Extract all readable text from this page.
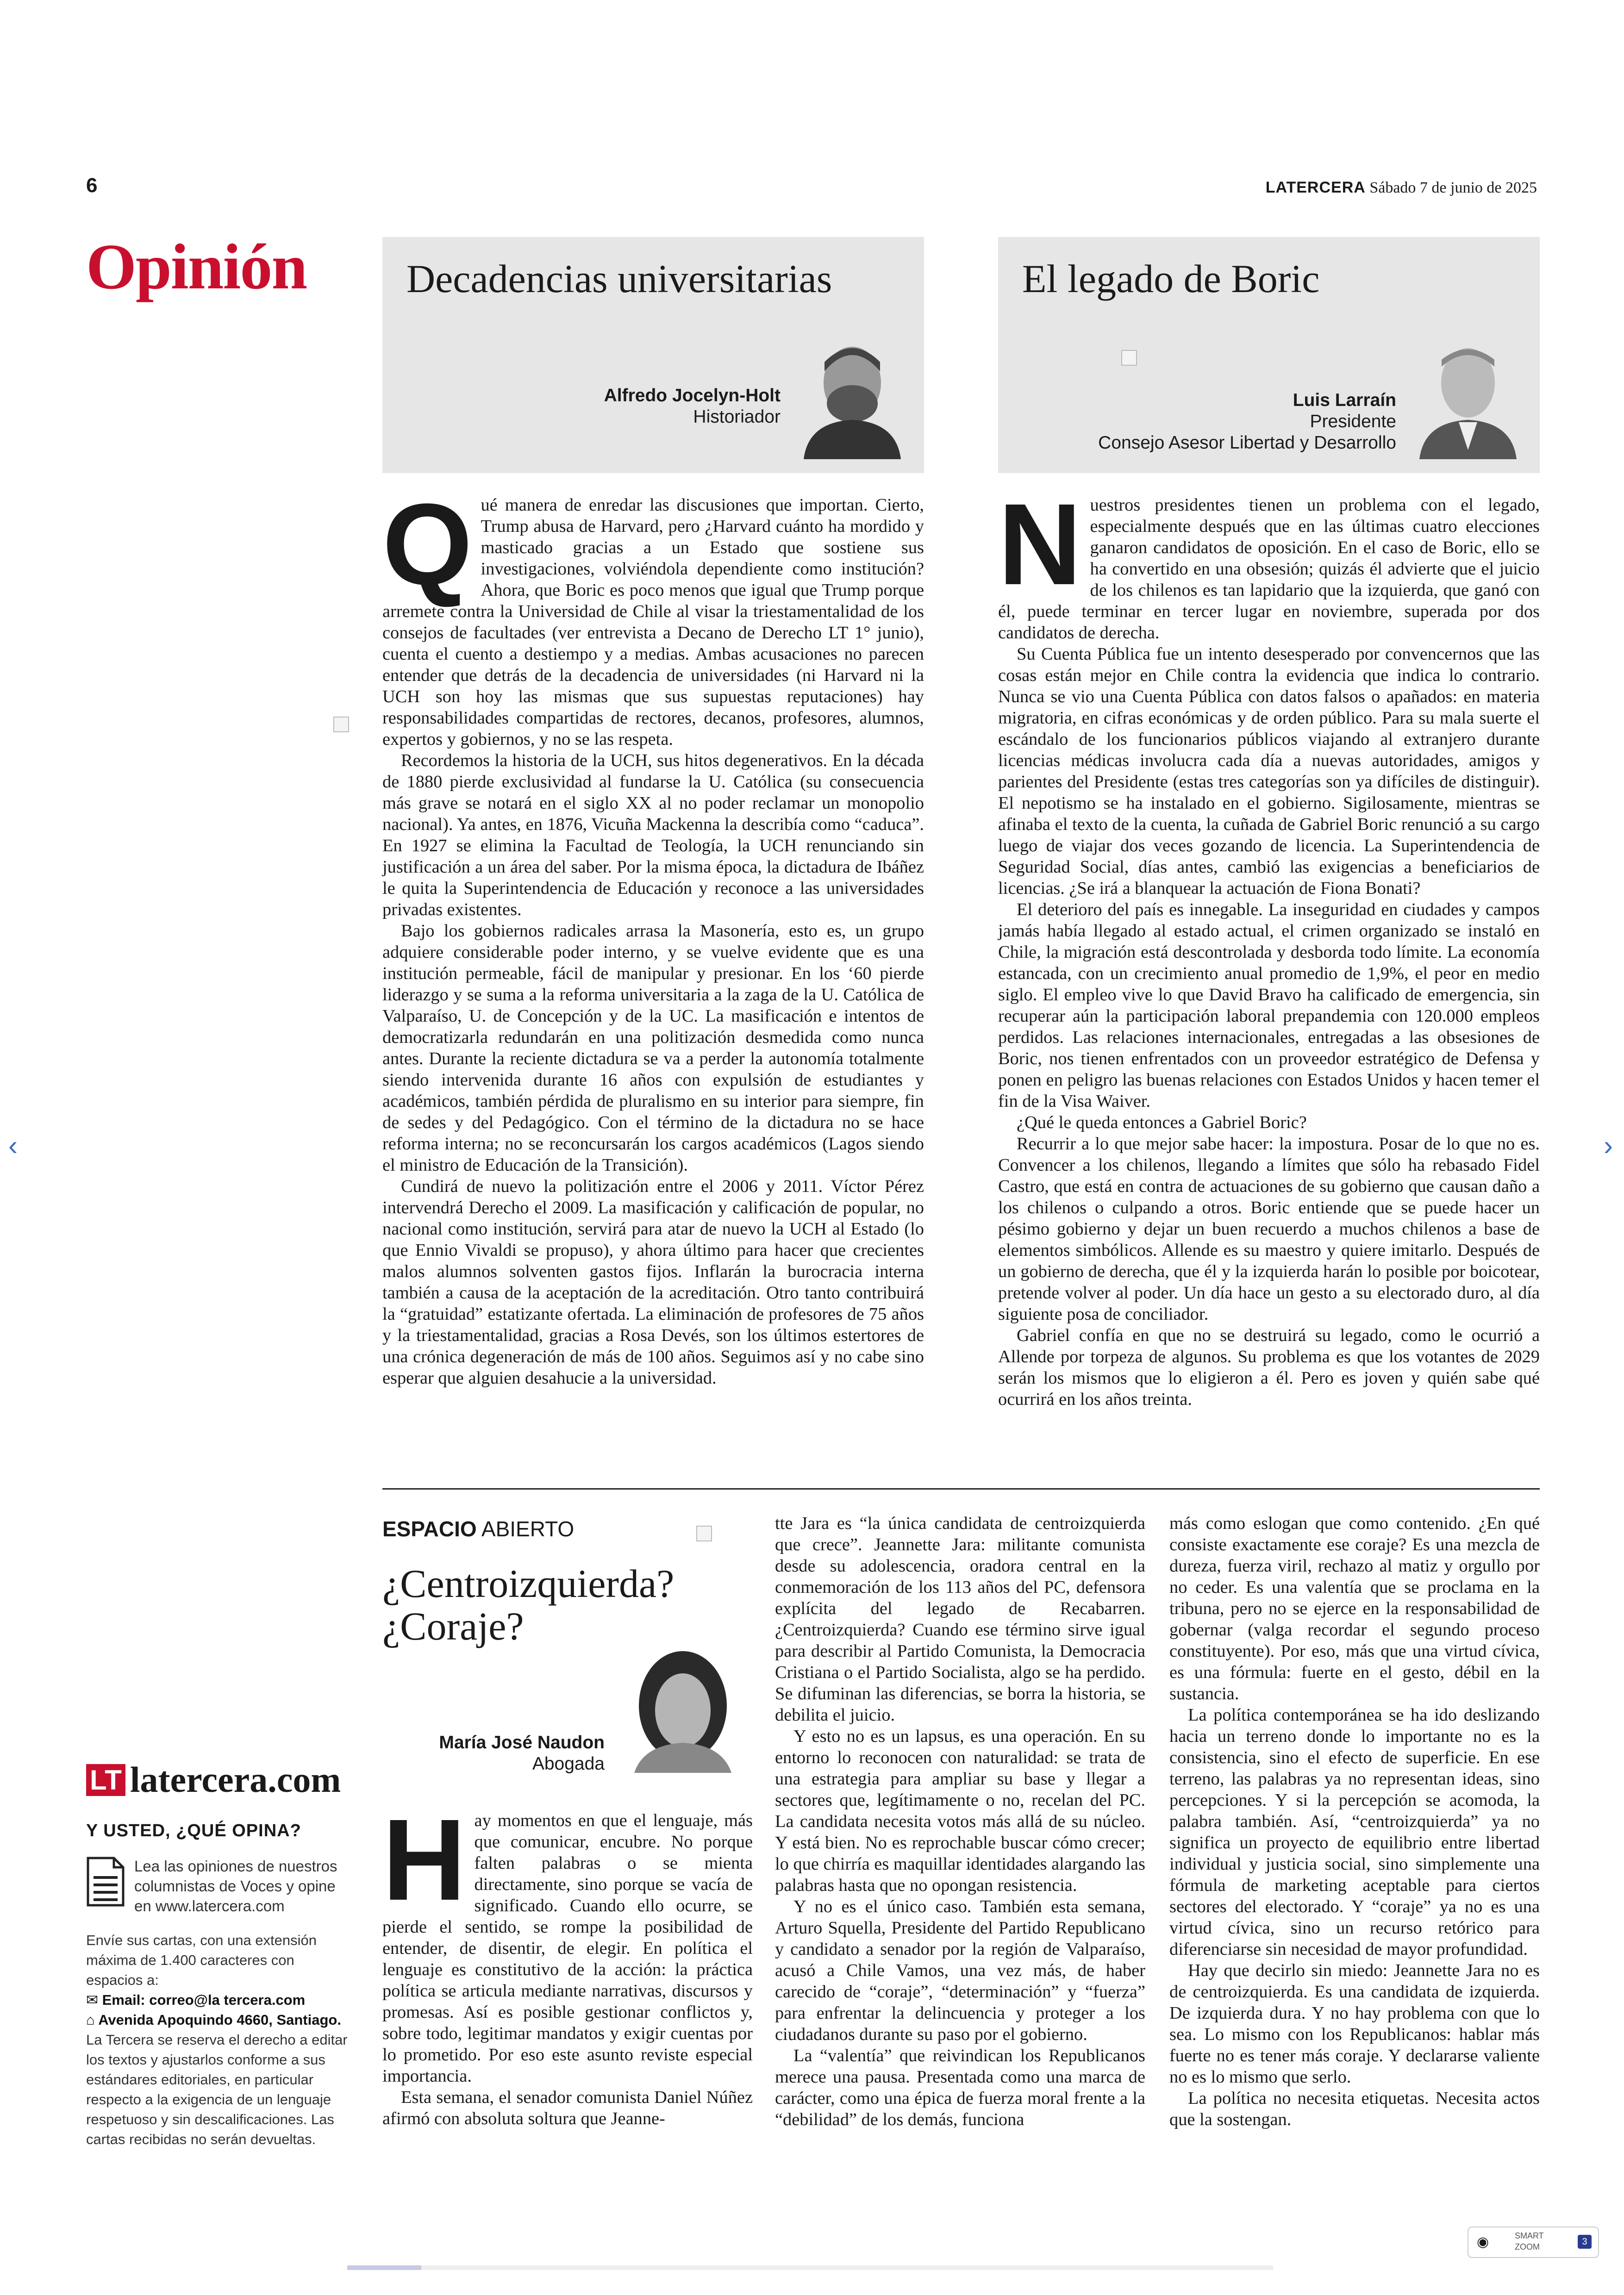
6	LATERCERA Sábado 7 de junio de 2025
Opinión	Decadencias universitarias
Alfredo Jocelyn-Holt
Historiador
El legado de Boric
Luis Larraín
Presidente
Consejo Asesor Libertad y Desarrollo
Q ué manera de enredar las discusiones que importan. Cierto, Trump abusa de Harvard, pero ¿Harvard cuánto ha mordido y masticado gracias a un Estado que sostiene sus investigaciones, volviéndola dependiente como institución? Ahora, que Boric es poco menos que igual que Trump porque arremete contra la Universidad de Chile al visar la triestamentalidad de los consejos de facultades (ver entrevista a Decano de Derecho LT 1° junio), cuenta el cuento a destiempo y a medias. Ambas acusaciones no parecen entender que detrás de la decadencia de universidades (ni Harvard ni la UCH son hoy las mismas que sus supuestas reputaciones) hay responsabilidades compartidas de rectores, decanos, profesores, alumnos, expertos y gobiernos, y no se las respeta.

Recordemos la historia de la UCH, sus hitos degenerativos. En la década de 1880 pierde exclusividad al fundarse la U. Católica (su consecuencia más grave se notará en el siglo XX al no poder reclamar un monopolio nacional). Ya antes, en 1876, Vicuña Mackenna la describía como “caduca”. En 1927 se elimina la Facultad de Teología, la UCH renunciando sin justificación a un área del saber. Por la misma época, la dictadura de Ibáñez le quita la Superintendencia de Educación y reconoce a las universidades privadas existentes.

Bajo los gobiernos radicales arrasa la Masonería, esto es, un grupo adquiere considerable poder interno, y se vuelve evidente que es una institución permeable, fácil de manipular y presionar. En los ‘60 pierde liderazgo y se suma a la reforma universitaria a la zaga de la U. Católica de Valparaíso, U. de Concepción y de la UC. La masificación e intentos de democratizarla redundarán en una politización desmedida como nunca antes. Durante la reciente dictadura se va a perder la autonomía totalmente siendo intervenida durante 16 años con expulsión de estudiantes y académicos, también pérdida de pluralismo en su interior para siempre, fin de sedes y del Pedagógico. Con el término de la dictadura no se hace reforma interna; no se reconcursarán los cargos académicos (Lagos siendo el ministro de Educación de la Transición).

Cundirá de nuevo la politización entre el 2006 y 2011. Víctor Pérez intervendrá Derecho el 2009. La masificación y calificación de popular, no nacional como institución, servirá para atar de nuevo la UCH al Estado (lo que Ennio Vivaldi se propuso), y ahora último para hacer que crecientes malos alumnos solventen gastos fijos. Inflarán la burocracia interna también a causa de la aceptación de la acreditación. Otro tanto contribuirá la “gratuidad” estatizante ofertada. La eliminación de profesores de 75 años y la triestamentalidad, gracias a Rosa Devés, son los últimos estertores de una crónica degeneración de más de 100 años. Seguimos así y no cabe sino esperar que alguien desahucie a la universidad.

N uestros presidentes tienen un problema con el legado, especialmente después que en las últimas cuatro elecciones ganaron candidatos de oposición. En el caso de Boric, ello se ha convertido en una obsesión; quizás él advierte que el juicio de los chilenos es tan lapidario que la izquierda, que ganó con él, puede terminar en tercer lugar en noviembre, superada por dos candidatos de derecha.

Su Cuenta Pública fue un intento desesperado por convencernos que las cosas están mejor en Chile contra la evidencia que indica lo contrario. Nunca se vio una Cuenta Pública con datos falsos o apañados: en materia migratoria, en cifras económicas y de orden público. Para su mala suerte el escándalo de los funcionarios públicos viajando al extranjero durante licencias médicas involucra cada día a nuevas autoridades, amigos y parientes del Presidente (estas tres categorías son ya difíciles de distinguir). El nepotismo se ha instalado en el gobierno. Sigilosamente, mientras se afinaba el texto de la cuenta, la cuñada de Gabriel Boric renunció a su cargo luego de viajar dos veces gozando de licencia. La Superintendencia de Seguridad Social, días antes, cambió las exigencias a beneficiarios de licencias. ¿Se irá a blanquear la actuación de Fiona Bonati?

El deterioro del país es innegable. La inseguridad en ciudades y campos jamás había llegado al estado actual, el crimen organizado se instaló en Chile, la migración está descontrolada y desborda todo límite. La economía estancada, con un crecimiento anual promedio de 1,9%, el peor en medio siglo. El empleo vive lo que David Bravo ha calificado de emergencia, sin recuperar aún la participación laboral prepandemia con 120.000 empleos perdidos. Las relaciones internacionales, entregadas a las obsesiones de Boric, nos tienen enfrentados con un proveedor estratégico de Defensa y ponen en peligro las buenas relaciones con Estados Unidos y hacen temer el fin de la Visa Waiver.

¿Qué le queda entonces a Gabriel Boric?

Recurrir a lo que mejor sabe hacer: la impostura. Posar de lo que no es. Convencer a los chilenos, llegando a límites que sólo ha rebasado Fidel Castro, que está en contra de actuaciones de su gobierno que causan daño a los chilenos o culpando a otros. Boric entiende que se puede hacer un pésimo gobierno y dejar un buen recuerdo a muchos chilenos a base de elementos simbólicos. Allende es su maestro y quiere imitarlo. Después de un gobierno de derecha, que él y la izquierda harán lo posible por boicotear, pretende volver al poder. Un día hace un gesto a su electorado duro, al día siguiente posa de conciliador.

Gabriel confía en que no se destruirá su legado, como le ocurrió a Allende por torpeza de algunos. Su problema es que los votantes de 2029 serán los mismos que lo eligieron a él. Pero es joven y quién sabe qué ocurrirá en los años treinta.

ESPACIO ABIERTO
¿Centroizquierda?
¿Coraje?
María José Naudon
Abogada
H ay momentos en que el lenguaje, más que comunicar, encubre. No porque falten palabras o se mienta directamente, sino porque se vacía de significado. Cuando ello ocurre, se pierde el sentido, se rompe la posibilidad de entender, de disentir, de elegir. En política el lenguaje es constitutivo de la acción: la práctica política se articula mediante narrativas, discursos y promesas. Así es posible gestionar conflictos y, sobre todo, legitimar mandatos y exigir cuentas por lo prometido. Por eso este asunto reviste especial importancia.

Esta semana, el senador comunista Daniel Núñez afirmó con absoluta soltura que Jeanne-

tte Jara es “la única candidata de centroizquierda que crece”. Jeannette Jara: militante comunista desde su adolescencia, oradora central en la conmemoración de los 113 años del PC, defensora explícita del legado de Recabarren. ¿Centroizquierda? Cuando ese término sirve igual para describir al Partido Comunista, la Democracia Cristiana o el Partido Socialista, algo se ha perdido. Se difuminan las diferencias, se borra la historia, se debilita el juicio.

Y esto no es un lapsus, es una operación. En su entorno lo reconocen con naturalidad: se trata de una estrategia para ampliar su base y llegar a sectores que, legítimamente o no, recelan del PC. La candidata necesita votos más allá de su núcleo. Y está bien. No es reprochable buscar cómo crecer; lo que chirría es maquillar identidades alargando las palabras hasta que no opongan resistencia.

Y no es el único caso. También esta semana, Arturo Squella, Presidente del Partido Republicano y candidato a senador por la región de Valparaíso, acusó a Chile Vamos, una vez más, de haber carecido de “coraje”, “determinación” y “fuerza” para enfrentar la delincuencia y proteger a los ciudadanos durante su paso por el gobierno.

La “valentía” que reivindican los Republicanos merece una pausa. Presentada como una marca de carácter, como una épica de fuerza moral frente a la “debilidad” de los demás, funciona

más como eslogan que como contenido. ¿En qué consiste exactamente ese coraje? Es una mezcla de dureza, fuerza viril, rechazo al matiz y orgullo por no ceder. Es una valentía que se proclama en la tribuna, pero no se ejerce en la responsabilidad de gobernar (valga recordar el segundo proceso constituyente). Por eso, más que una virtud cívica, es una fórmula: fuerte en el gesto, débil en la sustancia.

La política contemporánea se ha ido deslizando hacia un terreno donde lo importante no es la consistencia, sino el efecto de superficie. En ese terreno, las palabras ya no representan ideas, sino percepciones. Y si la percepción se acomoda, la palabra también. Así, “centroizquierda” ya no significa un proyecto de equilibrio entre libertad individual y justicia social, sino simplemente una fórmula de marketing aceptable para ciertos sectores del electorado. Y “coraje” ya no es una virtud cívica, sino un recurso retórico para diferenciarse sin necesidad de mayor profundidad.

Hay que decirlo sin miedo: Jeannette Jara no es de centroizquierda. Es una candidata de izquierda. De izquierda dura. Y no hay problema con que lo sea. Lo mismo con los Republicanos: hablar más fuerte no es tener más coraje. Y declararse valiente no es lo mismo que serlo.

La política no necesita etiquetas. Necesita actos que la sostengan.

LT latercera.com
Y USTED, ¿QUÉ OPINA?
Lea las opiniones de nuestros columnistas de Voces y opine en www.latercera.com
Envíe sus cartas, con una extensión máxima de 1.400 caracteres con espacios a:
✉ Email: correo@la tercera.com
⌂ Avenida Apoquindo 4660, Santiago.
La Tercera se reserva el derecho a editar los textos y ajustarlos conforme a sus estándares editoriales, en particular respecto a la exigencia de un lenguaje respetuoso y sin descalificaciones. Las cartas recibidas no serán devueltas.
‹	›
◉	SMART
ZOOM	3
